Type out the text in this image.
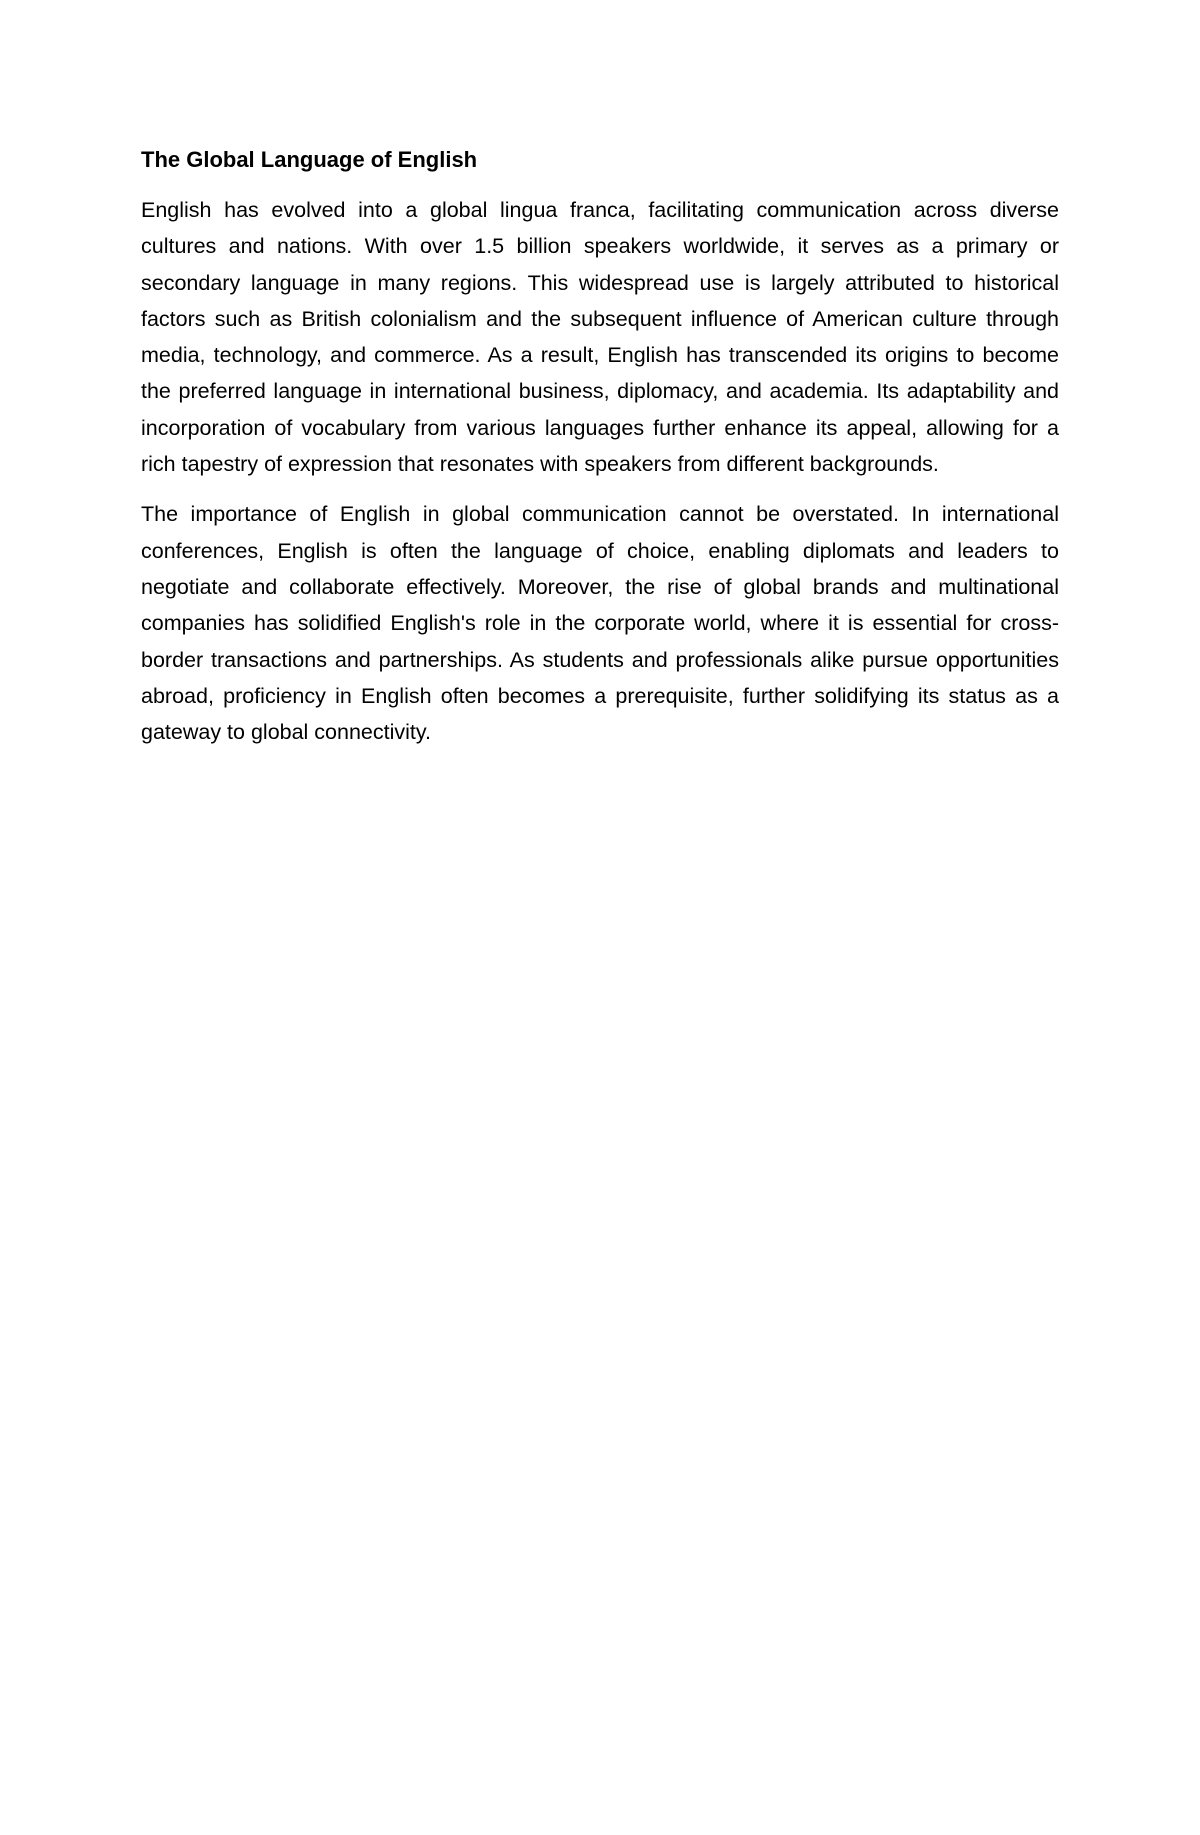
The Global Language of English

English has evolved into a global lingua franca, facilitating communication across diverse cultures and nations. With over 1.5 billion speakers worldwide, it serves as a primary or secondary language in many regions. This widespread use is largely attributed to historical factors such as British colonialism and the subsequent influence of American culture through media, technology, and commerce. As a result, English has transcended its origins to become the preferred language in international business, diplomacy, and academia. Its adaptability and incorporation of vocabulary from various languages further enhance its appeal, allowing for a rich tapestry of expression that resonates with speakers from different backgrounds.

The importance of English in global communication cannot be overstated. In international conferences, English is often the language of choice, enabling diplomats and leaders to negotiate and collaborate effectively. Moreover, the rise of global brands and multinational companies has solidified English's role in the corporate world, where it is essential for cross-border transactions and partnerships. As students and professionals alike pursue opportunities abroad, proficiency in English often becomes a prerequisite, further solidifying its status as a gateway to global connectivity.
